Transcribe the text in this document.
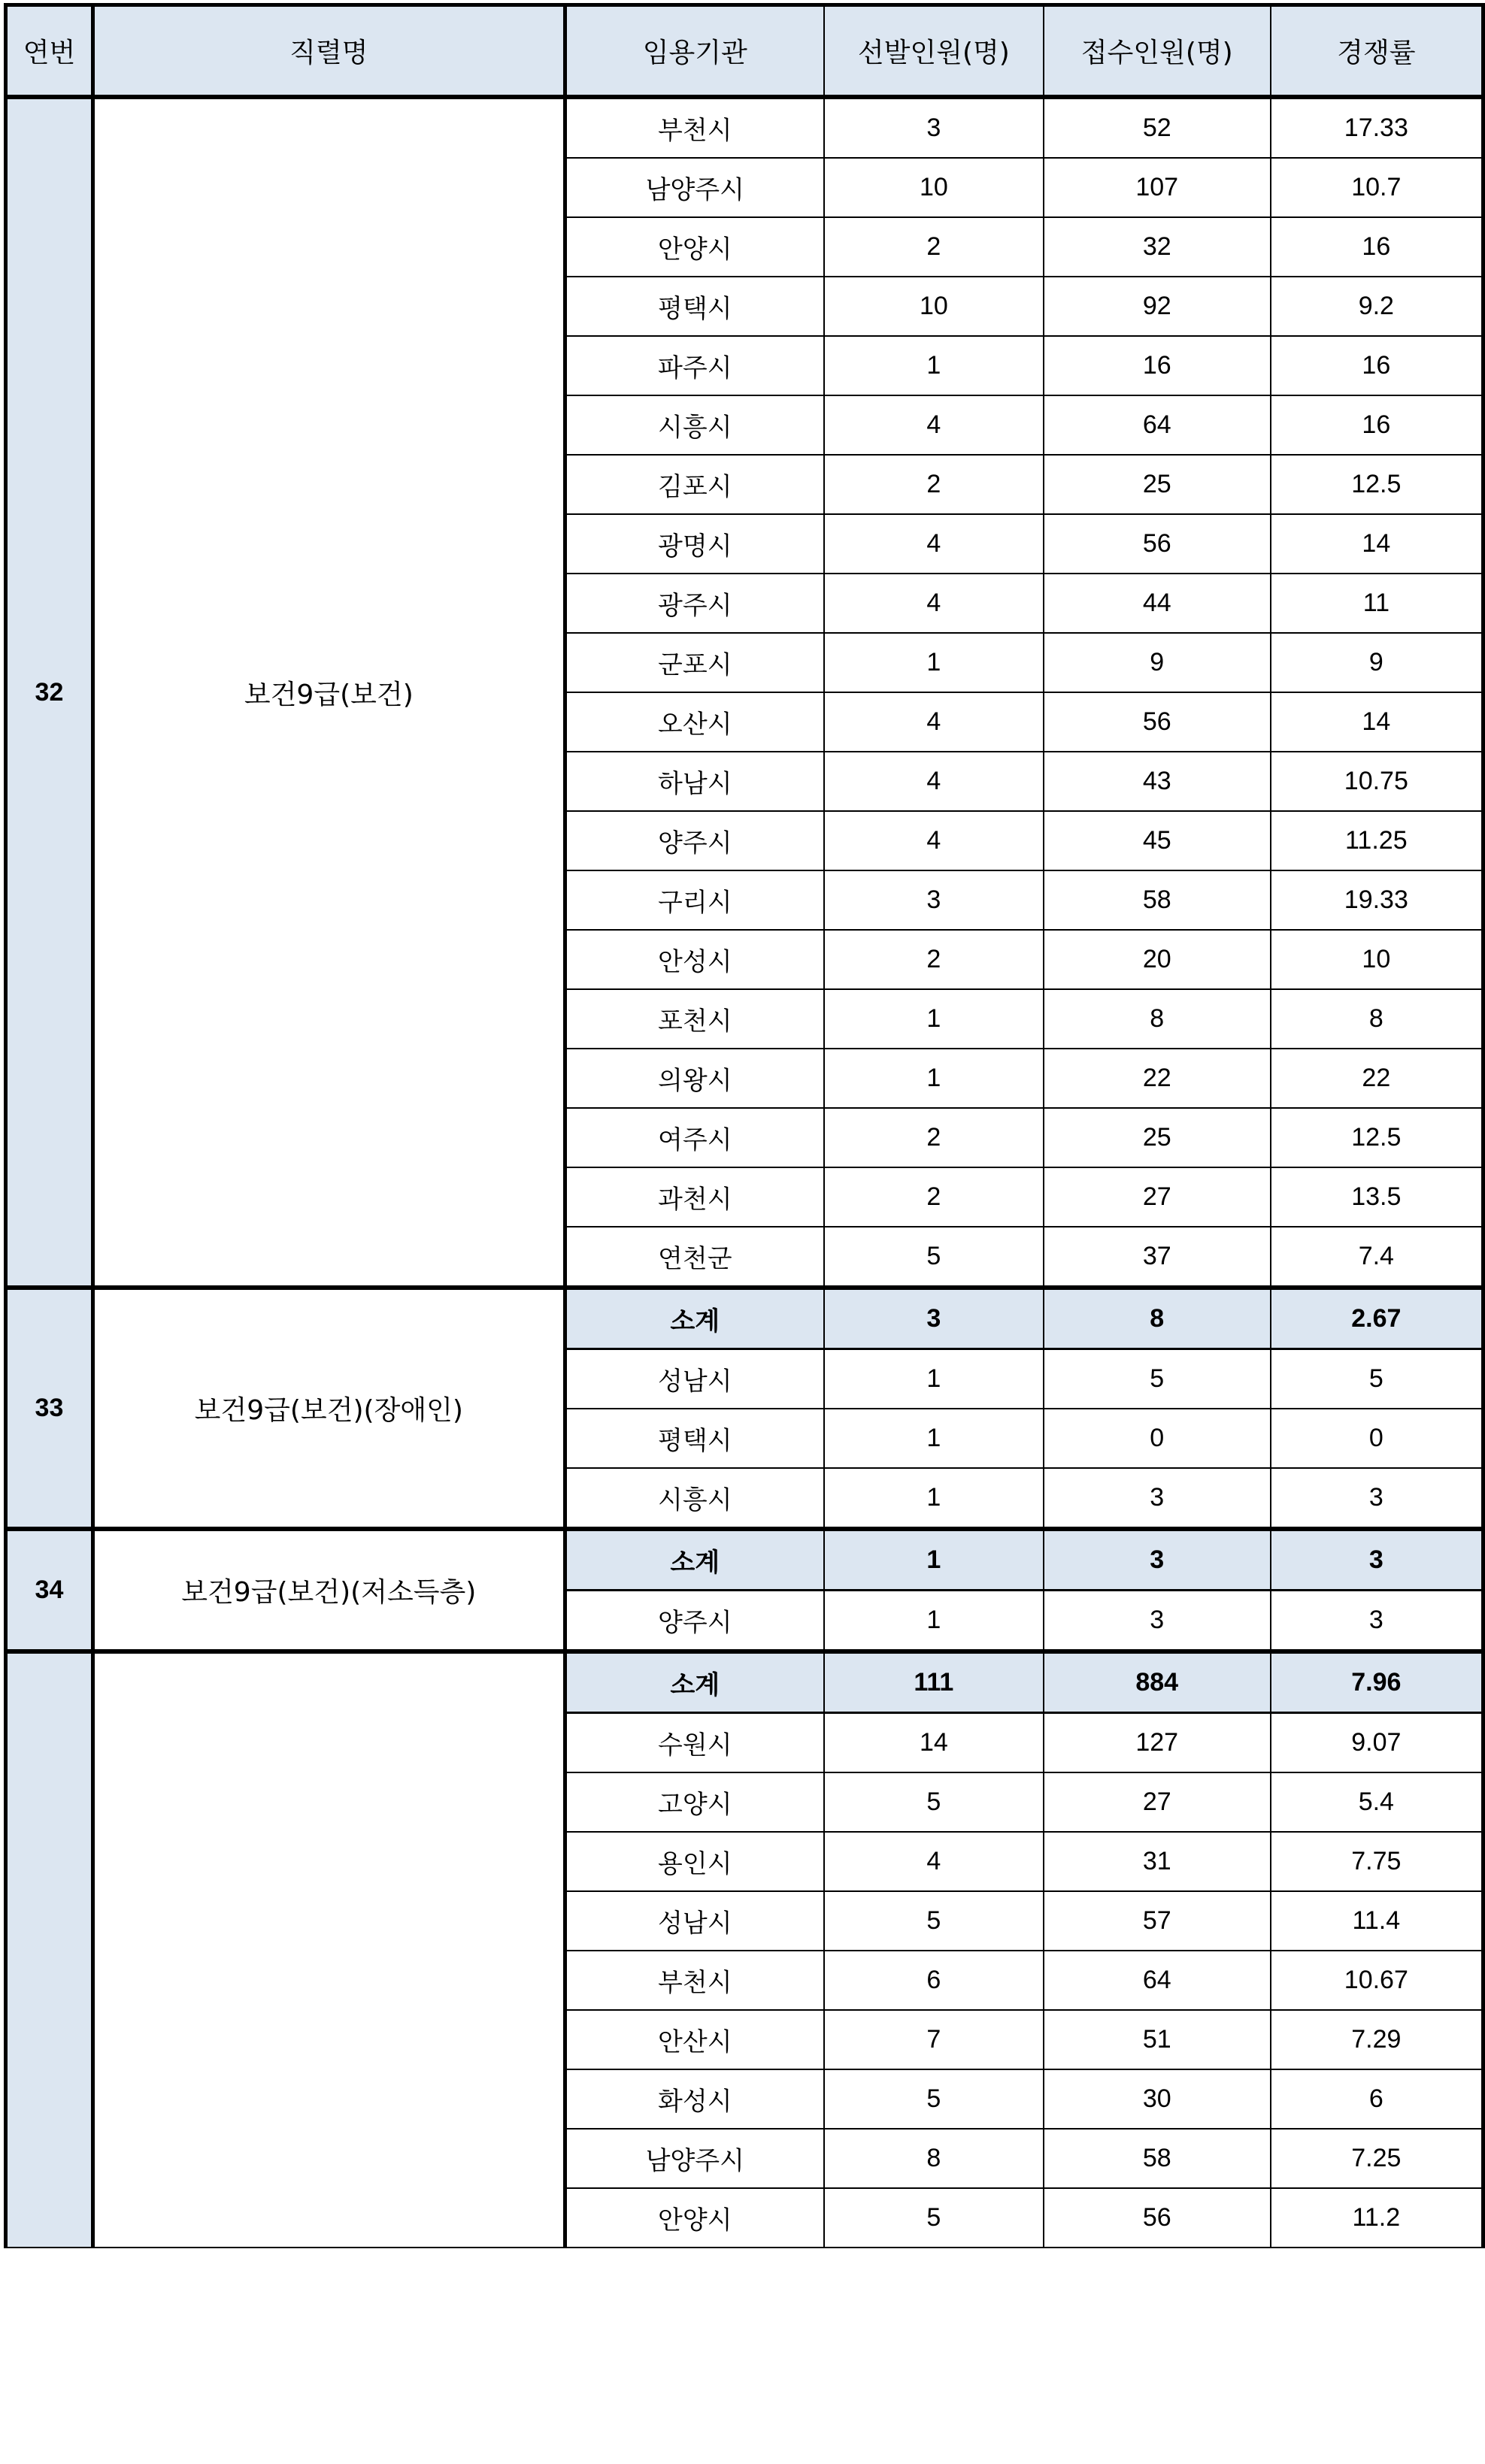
연번	직렬명	임용기관	선발인원(명)	접수인원(명)	경쟁률
32	보건9급(보건)	부천시	3	52	17.33
		남양주시	10	107	10.7
		안양시	2	32	16
		평택시	10	92	9.2
		파주시	1	16	16
		시흥시	4	64	16
		김포시	2	25	12.5
		광명시	4	56	14
		광주시	4	44	11
		군포시	1	9	9
		오산시	4	56	14
		하남시	4	43	10.75
		양주시	4	45	11.25
		구리시	3	58	19.33
		안성시	2	20	10
		포천시	1	8	8
		의왕시	1	22	22
		여주시	2	25	12.5
		과천시	2	27	13.5
		연천군	5	37	7.4
33	보건9급(보건)(장애인)	소계	3	8	2.67
		성남시	1	5	5
		평택시	1	0	0
		시흥시	1	3	3
34	보건9급(보건)(저소득층)	소계	1	3	3
		양주시	1	3	3
		소계	111	884	7.96
		수원시	14	127	9.07
		고양시	5	27	5.4
		용인시	4	31	7.75
		성남시	5	57	11.4
		부천시	6	64	10.67
		안산시	7	51	7.29
		화성시	5	30	6
		남양주시	8	58	7.25
		안양시	5	56	11.2
